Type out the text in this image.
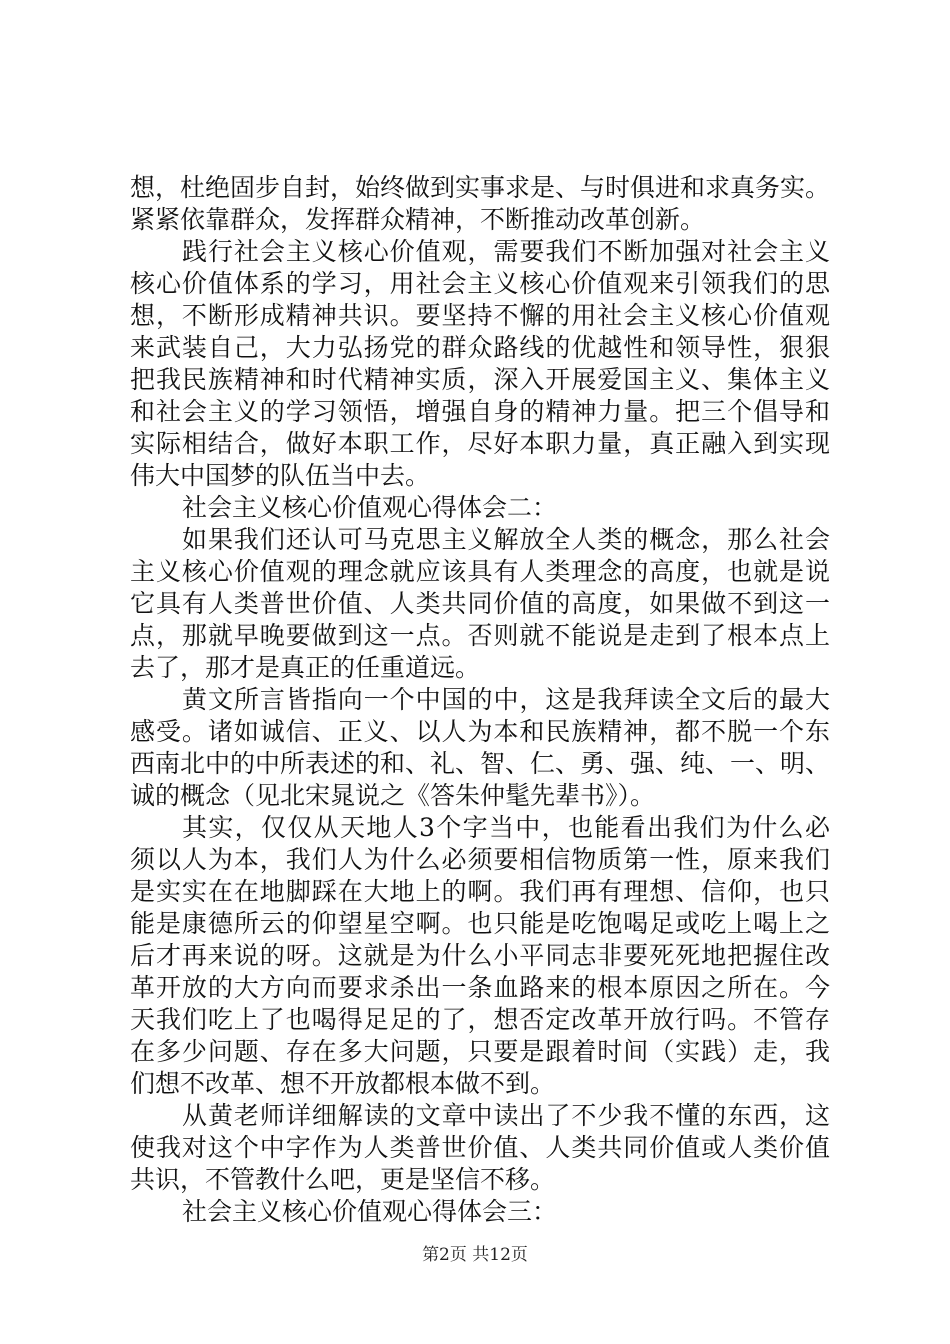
想，杜绝固步自封，始终做到实事求是、与时俱进和求真务实。
紧紧依靠群众，发挥群众精神，不断推动改革创新。
践行社会主义核心价值观，需要我们不断加强对社会主义
核心价值体系的学习，用社会主义核心价值观来引领我们的思
想，不断形成精神共识。要坚持不懈的用社会主义核心价值观
来武装自己，大力弘扬党的群众路线的优越性和领导性，狠狠
把我民族精神和时代精神实质，深入开展爱国主义、集体主义
和社会主义的学习领悟，增强自身的精神力量。把三个倡导和
实际相结合，做好本职工作，尽好本职力量，真正融入到实现
伟大中国梦的队伍当中去。
社会主义核心价值观心得体会二：
如果我们还认可马克思主义解放全人类的概念，那么社会
主义核心价值观的理念就应该具有人类理念的高度，也就是说
它具有人类普世价值、人类共同价值的高度，如果做不到这一
点，那就早晚要做到这一点。否则就不能说是走到了根本点上
去了，那才是真正的任重道远。
黄文所言皆指向一个中国的中，这是我拜读全文后的最大
感受。诸如诚信、正义、以人为本和民族精神，都不脱一个东
西南北中的中所表述的和、礼、智、仁、勇、强、纯、一、明、
诚的概念（见北宋晁说之《答朱仲髦先辈书》）。
其实，仅仅从天地人3个字当中，也能看出我们为什么必
须以人为本，我们人为什么必须要相信物质第一性，原来我们
是实实在在地脚踩在大地上的啊。我们再有理想、信仰，也只
能是康德所云的仰望星空啊。也只能是吃饱喝足或吃上喝上之
后才再来说的呀。这就是为什么小平同志非要死死地把握住改
革开放的大方向而要求杀出一条血路来的根本原因之所在。今
天我们吃上了也喝得足足的了，想否定改革开放行吗。不管存
在多少问题、存在多大问题，只要是跟着时间（实践）走，我
们想不改革、想不开放都根本做不到。
从黄老师详细解读的文章中读出了不少我不懂的东西，这
使我对这个中字作为人类普世价值、人类共同价值或人类价值
共识，不管教什么吧，更是坚信不移。
社会主义核心价值观心得体会三：
第2页 共12页
